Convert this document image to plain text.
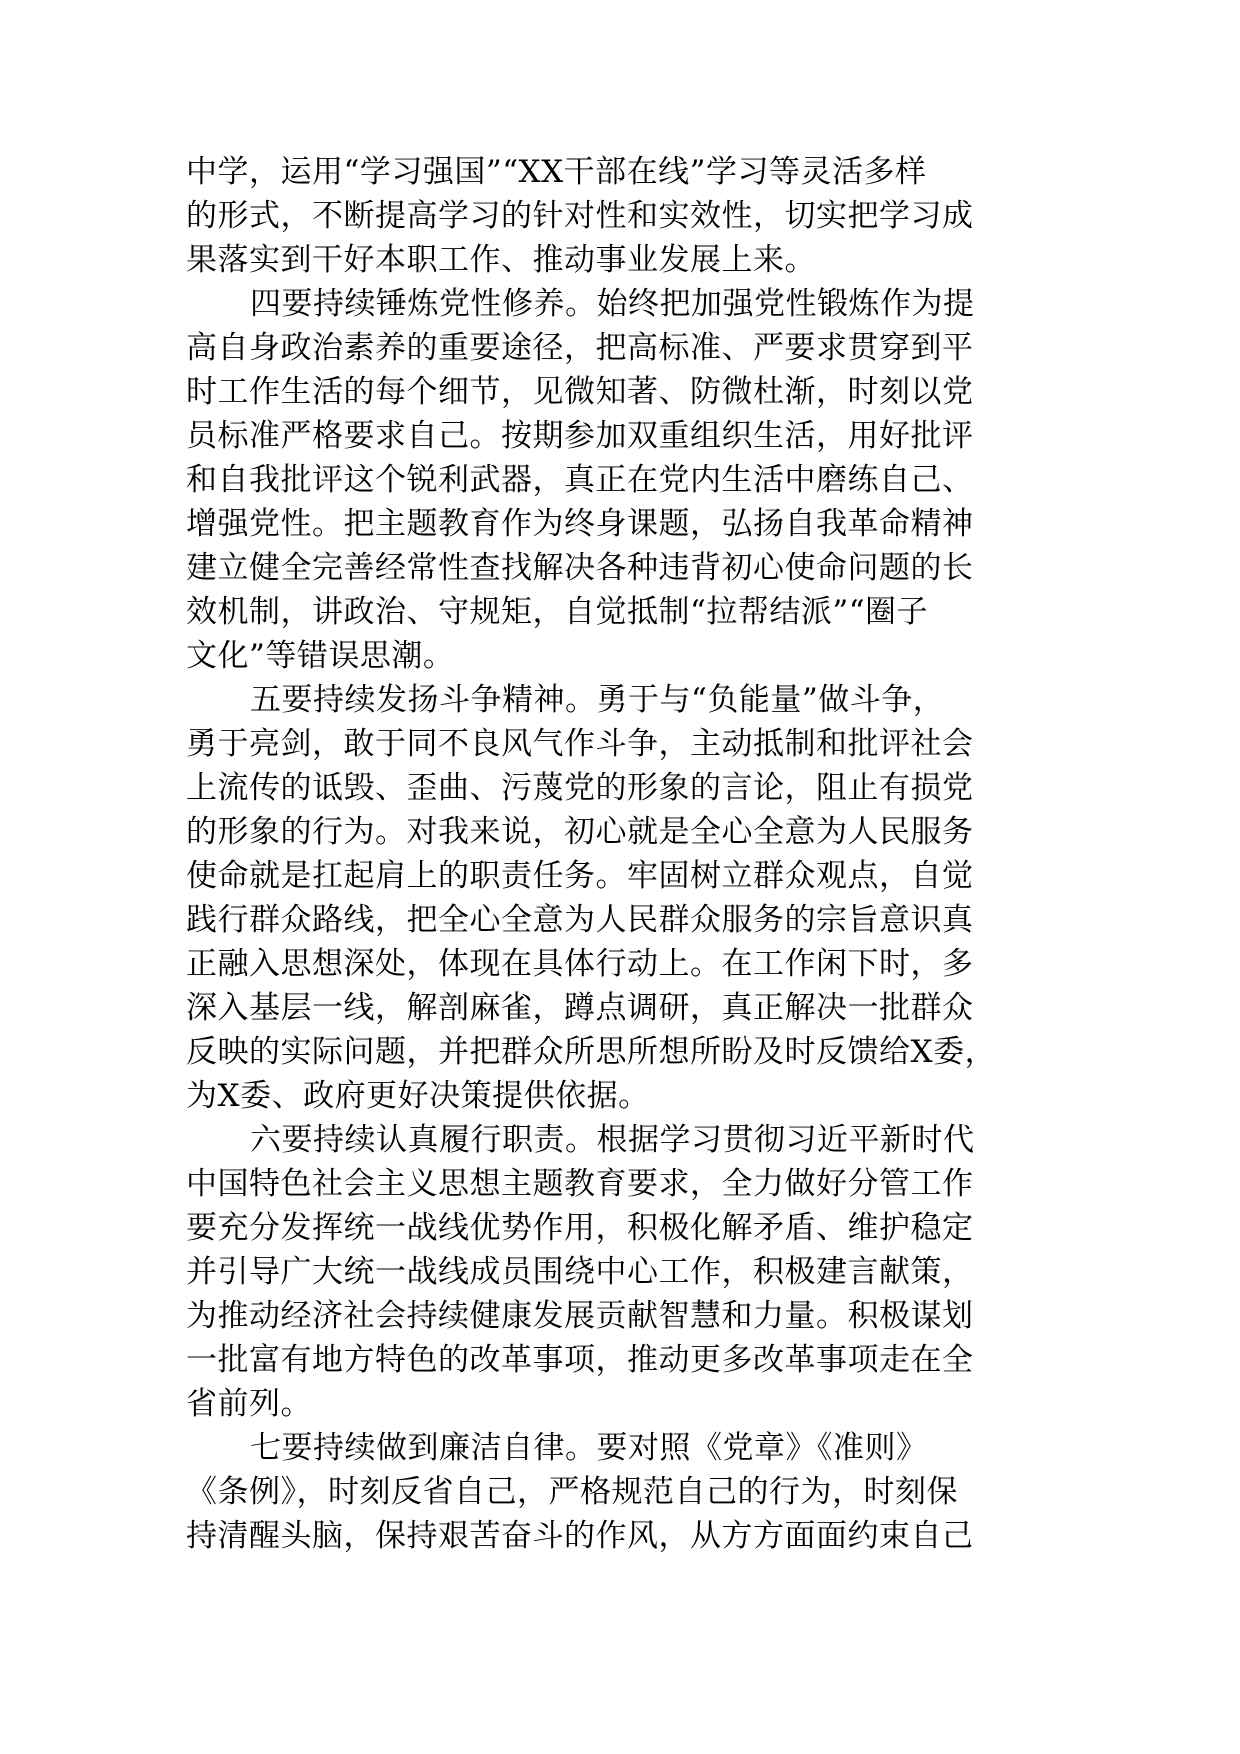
中学，运用“学习强国”“XX干部在线”学习等灵活多样
的形式，不断提高学习的针对性和实效性，切实把学习成
果落实到干好本职工作、推动事业发展上来。
四要持续锤炼党性修养。始终把加强党性锻炼作为提
高自身政治素养的重要途径，把高标准、严要求贯穿到平
时工作生活的每个细节，见微知著、防微杜渐，时刻以党
员标准严格要求自己。按期参加双重组织生活，用好批评
和自我批评这个锐利武器，真正在党内生活中磨练自己、
增强党性。把主题教育作为终身课题，弘扬自我革命精神
建立健全完善经常性查找解决各种违背初心使命问题的长
效机制，讲政治、守规矩，自觉抵制“拉帮结派”“圈子
文化”等错误思潮。
五要持续发扬斗争精神。勇于与“负能量”做斗争，
勇于亮剑，敢于同不良风气作斗争，主动抵制和批评社会
上流传的诋毁、歪曲、污蔑党的形象的言论，阻止有损党
的形象的行为。对我来说，初心就是全心全意为人民服务
使命就是扛起肩上的职责任务。牢固树立群众观点，自觉
践行群众路线，把全心全意为人民群众服务的宗旨意识真
正融入思想深处，体现在具体行动上。在工作闲下时，多
深入基层一线，解剖麻雀，蹲点调研，真正解决一批群众
反映的实际问题，并把群众所思所想所盼及时反馈给X委，
为X委、政府更好决策提供依据。
六要持续认真履行职责。根据学习贯彻习近平新时代
中国特色社会主义思想主题教育要求，全力做好分管工作
要充分发挥统一战线优势作用，积极化解矛盾、维护稳定
并引导广大统一战线成员围绕中心工作，积极建言献策，
为推动经济社会持续健康发展贡献智慧和力量。积极谋划
一批富有地方特色的改革事项，推动更多改革事项走在全
省前列。
七要持续做到廉洁自律。要对照《党章》《准则》
《条例》，时刻反省自己，严格规范自己的行为，时刻保
持清醒头脑，保持艰苦奋斗的作风，从方方面面约束自己
